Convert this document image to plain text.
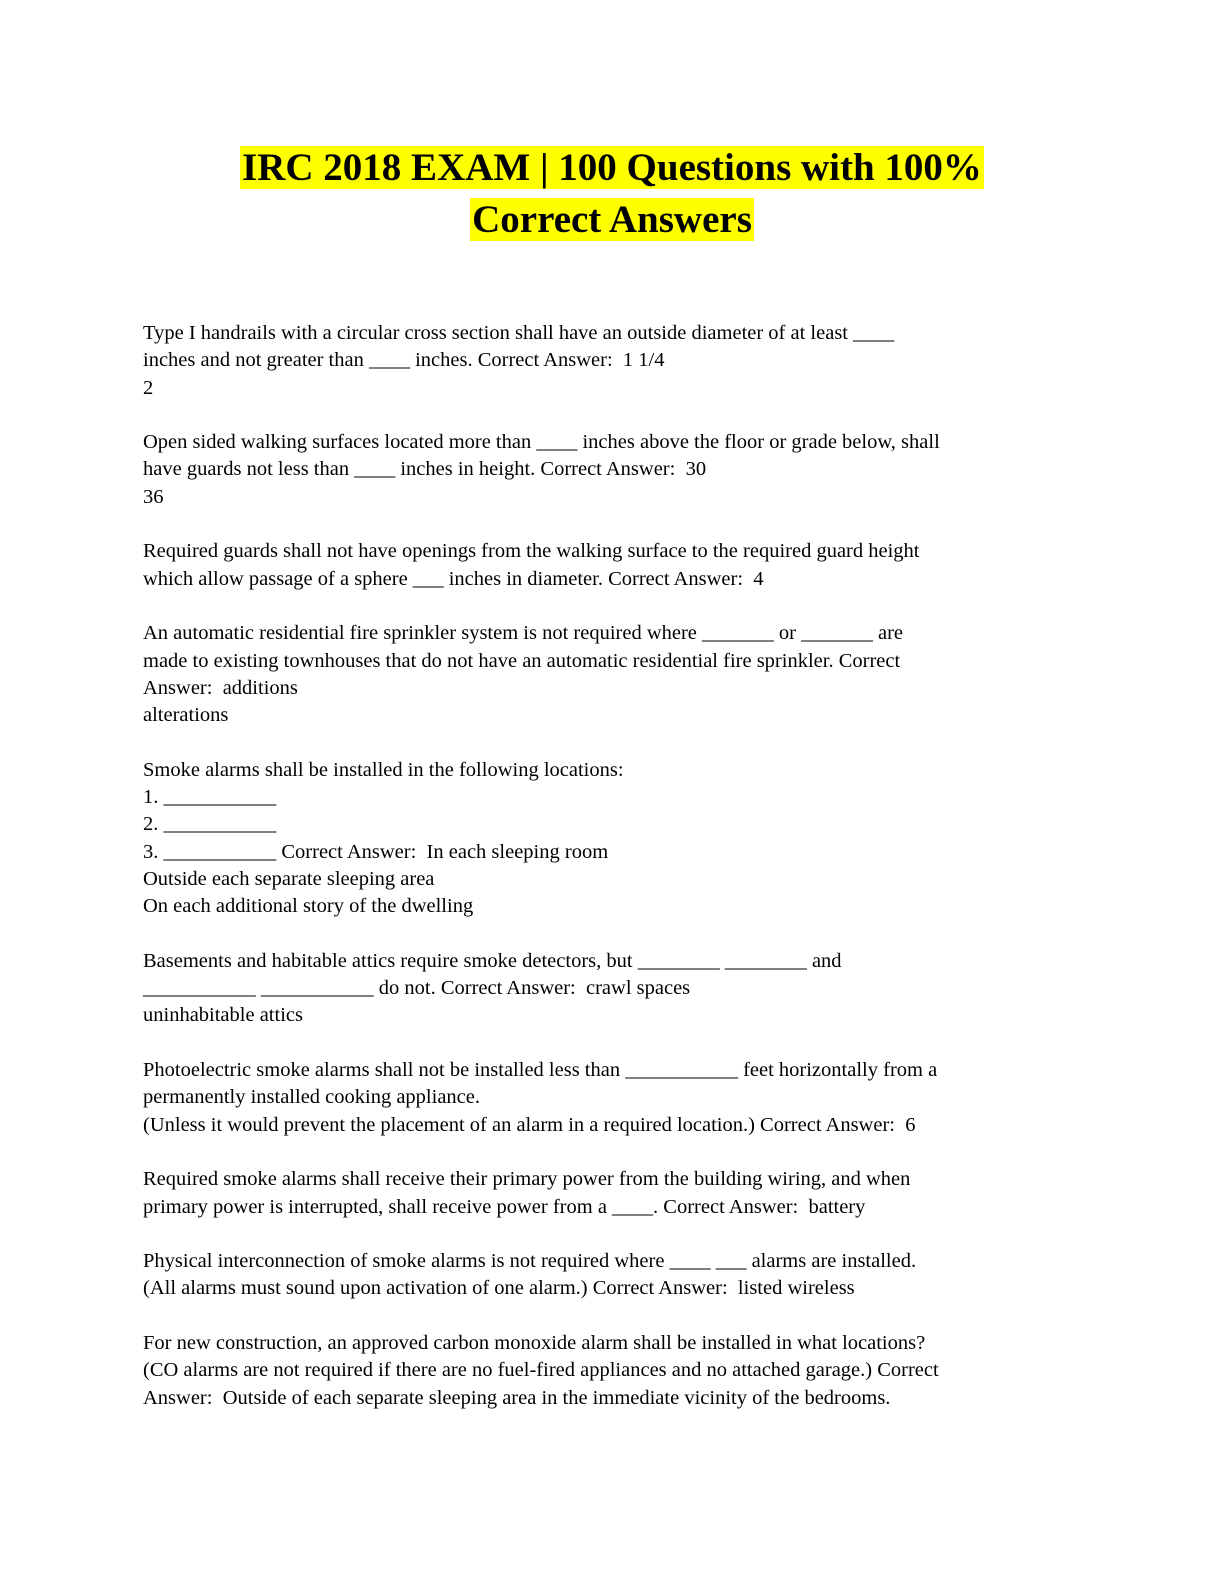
IRC 2018 EXAM | 100 Questions with 100%
Correct Answers
Type I handrails with a circular cross section shall have an outside diameter of at least ____
inches and not greater than ____ inches. Correct Answer:  1 1/4
2
Open sided walking surfaces located more than ____ inches above the floor or grade below, shall
have guards not less than ____ inches in height. Correct Answer:  30
36
Required guards shall not have openings from the walking surface to the required guard height
which allow passage of a sphere ___ inches in diameter. Correct Answer:  4
An automatic residential fire sprinkler system is not required where _______ or _______ are
made to existing townhouses that do not have an automatic residential fire sprinkler. Correct
Answer:  additions
alterations
Smoke alarms shall be installed in the following locations:
1. ___________
2. ___________
3. ___________ Correct Answer:  In each sleeping room
Outside each separate sleeping area
On each additional story of the dwelling
Basements and habitable attics require smoke detectors, but ________ ________ and
___________ ___________ do not. Correct Answer:  crawl spaces
uninhabitable attics
Photoelectric smoke alarms shall not be installed less than ___________ feet horizontally from a
permanently installed cooking appliance.
(Unless it would prevent the placement of an alarm in a required location.) Correct Answer:  6
Required smoke alarms shall receive their primary power from the building wiring, and when
primary power is interrupted, shall receive power from a ____. Correct Answer:  battery
Physical interconnection of smoke alarms is not required where ____ ___ alarms are installed.
(All alarms must sound upon activation of one alarm.) Correct Answer:  listed wireless
For new construction, an approved carbon monoxide alarm shall be installed in what locations?
(CO alarms are not required if there are no fuel-fired appliances and no attached garage.) Correct
Answer:  Outside of each separate sleeping area in the immediate vicinity of the bedrooms.
